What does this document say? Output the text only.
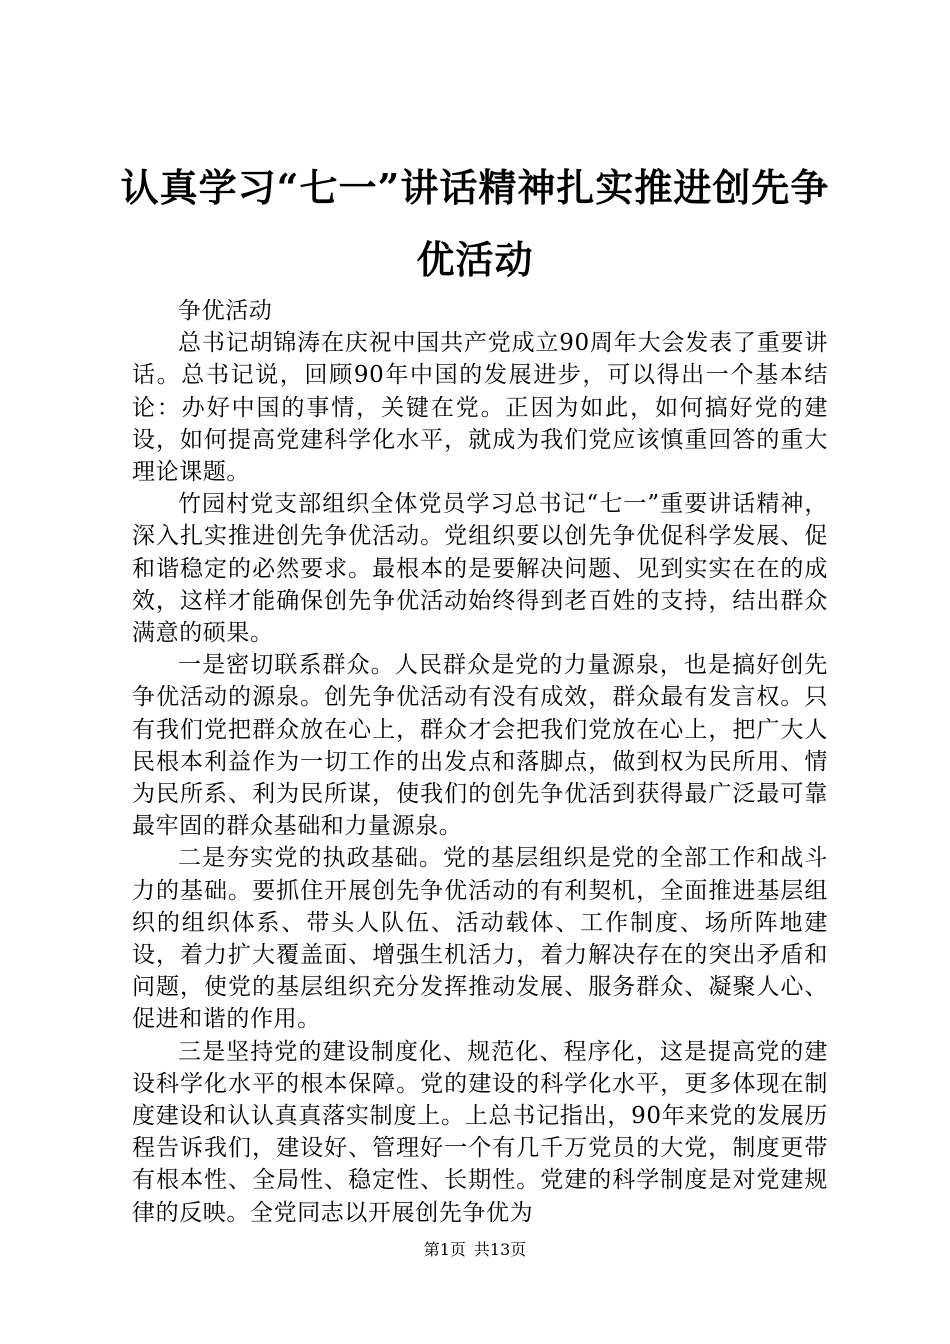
认真学习“七一”讲话精神扎实推进创先争优活动

争优活动

总书记胡锦涛在庆祝中国共产党成立90周年大会发表了重要讲话。总书记说，回顾90年中国的发展进步，可以得出一个基本结论：办好中国的事情，关键在党。正因为如此，如何搞好党的建设，如何提高党建科学化水平，就成为我们党应该慎重回答的重大理论课题。

竹园村党支部组织全体党员学习总书记“七一”重要讲话精神，深入扎实推进创先争优活动。党组织要以创先争优促科学发展、促和谐稳定的必然要求。最根本的是要解决问题、见到实实在在的成效，这样才能确保创先争优活动始终得到老百姓的支持，结出群众满意的硕果。

一是密切联系群众。人民群众是党的力量源泉，也是搞好创先争优活动的源泉。创先争优活动有没有成效，群众最有发言权。只有我们党把群众放在心上，群众才会把我们党放在心上，把广大人民根本利益作为一切工作的出发点和落脚点，做到权为民所用、情为民所系、利为民所谋，使我们的创先争优活到获得最广泛最可靠最牢固的群众基础和力量源泉。

二是夯实党的执政基础。党的基层组织是党的全部工作和战斗力的基础。要抓住开展创先争优活动的有利契机，全面推进基层组织的组织体系、带头人队伍、活动载体、工作制度、场所阵地建设，着力扩大覆盖面、增强生机活力，着力解决存在的突出矛盾和问题，使党的基层组织充分发挥推动发展、服务群众、凝聚人心、促进和谐的作用。

三是坚持党的建设制度化、规范化、程序化，这是提高党的建设科学化水平的根本保障。党的建设的科学化水平，更多体现在制度建设和认认真真落实制度上。上总书记指出，90年来党的发展历程告诉我们，建设好、管理好一个有几千万党员的大党，制度更带有根本性、全局性、稳定性、长期性。党建的科学制度是对党建规律的反映。全党同志以开展创先争优为

第1页 共13页
